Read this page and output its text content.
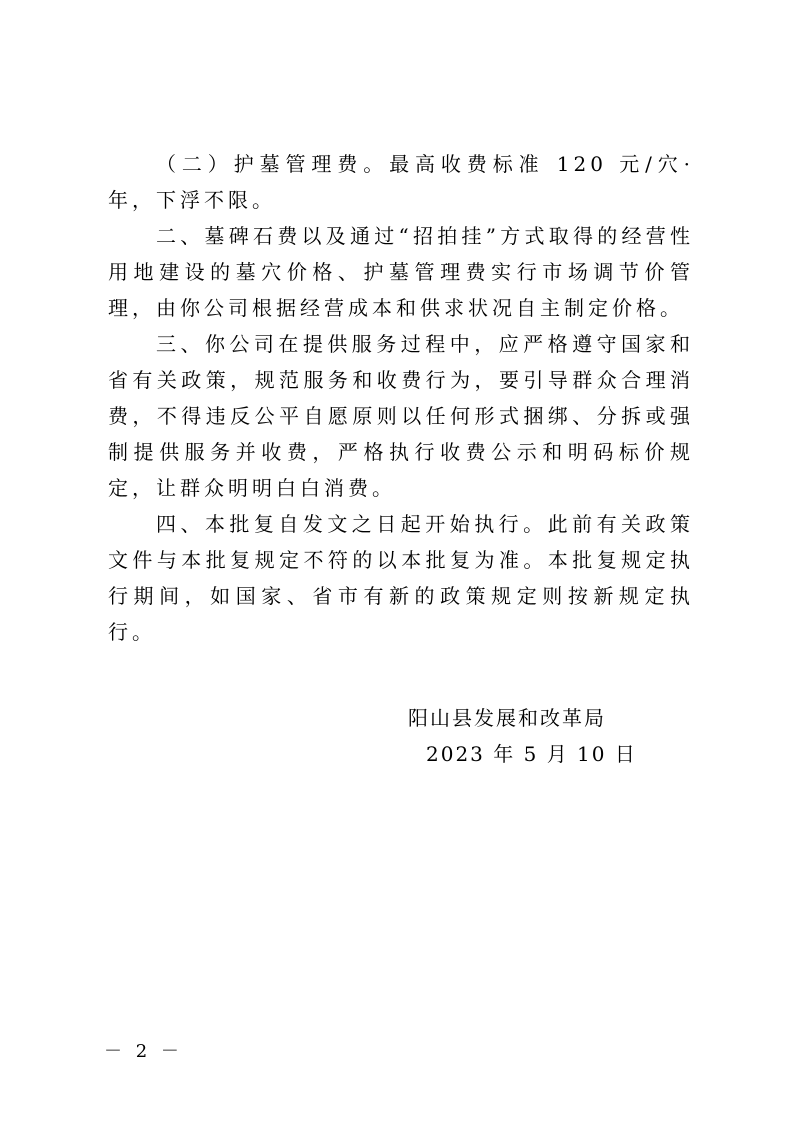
（二）护墓管理费。最高收费标准 120 元/穴·年，下浮不限。

二、墓碑石费以及通过“招拍挂”方式取得的经营性用地建设的墓穴价格、护墓管理费实行市场调节价管理，由你公司根据经营成本和供求状况自主制定价格。

三、你公司在提供服务过程中，应严格遵守国家和省有关政策，规范服务和收费行为，要引导群众合理消费，不得违反公平自愿原则以任何形式捆绑、分拆或强制提供服务并收费，严格执行收费公示和明码标价规定，让群众明明白白消费。

四、本批复自发文之日起开始执行。此前有关政策文件与本批复规定不符的以本批复为准。本批复规定执行期间，如国家、省市有新的政策规定则按新规定执行。

阳山县发展和改革局
2023 年 5 月 10 日
－ 2 －
